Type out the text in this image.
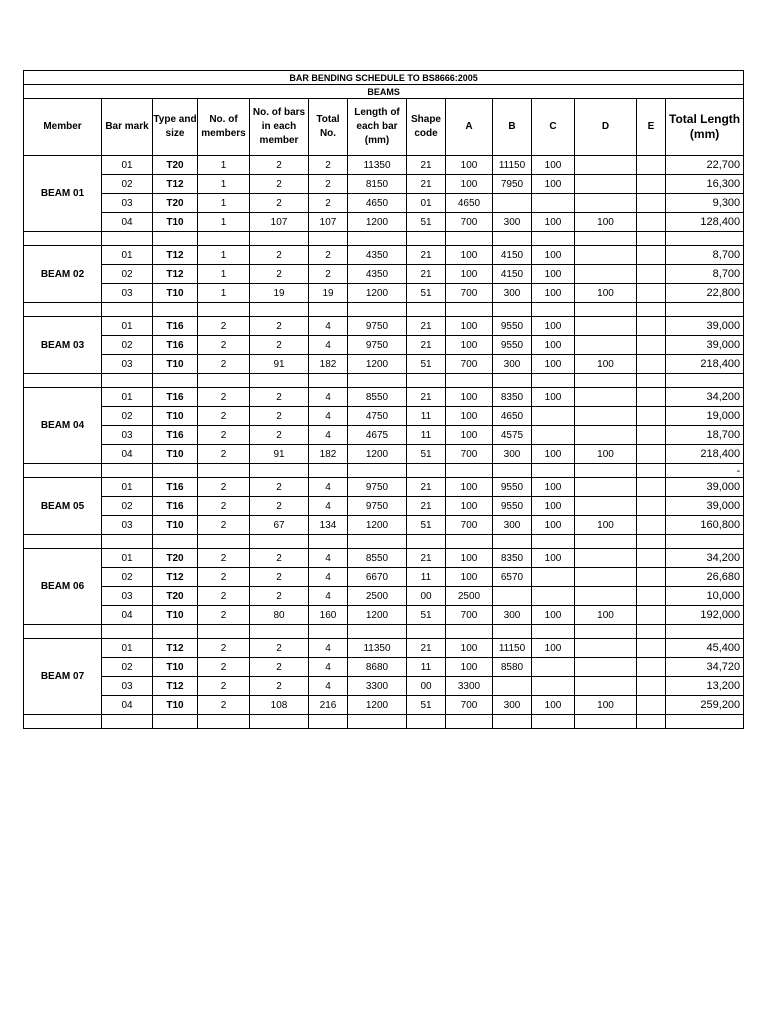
BAR BENDING SCHEDULE TO BS8666:2005													
BEAMS													
Member	Bar mark	Type and size	No. of members	No. of bars in each member	Total No.	Length of each bar (mm)	Shape code	A	B	C	D	E	Total Length (mm)
BEAM 01	01	T20	1	2	2	11350	21	100	11150	100			22,700
	02	T12	1	2	2	8150	21	100	7950	100			16,300
	03	T20	1	2	2	4650	01	4650					9,300
	04	T10	1	107	107	1200	51	700	300	100	100		128,400

BEAM 02	01	T12	1	2	2	4350	21	100	4150	100			8,700
	02	T12	1	2	2	4350	21	100	4150	100			8,700
	03	T10	1	19	19	1200	51	700	300	100	100		22,800

BEAM 03	01	T16	2	2	4	9750	21	100	9550	100			39,000
	02	T16	2	2	4	9750	21	100	9550	100			39,000
	03	T10	2	91	182	1200	51	700	300	100	100		218,400

BEAM 04	01	T16	2	2	4	8550	21	100	8350	100			34,200
	02	T10	2	2	4	4750	11	100	4650				19,000
	03	T16	2	2	4	4675	11	100	4575				18,700
	04	T10	2	91	182	1200	51	700	300	100	100		218,400
													-
BEAM 05	01	T16	2	2	4	9750	21	100	9550	100			39,000
	02	T16	2	2	4	9750	21	100	9550	100			39,000
	03	T10	2	67	134	1200	51	700	300	100	100		160,800

BEAM 06	01	T20	2	2	4	8550	21	100	8350	100			34,200
	02	T12	2	2	4	6670	11	100	6570				26,680
	03	T20	2	2	4	2500	00	2500					10,000
	04	T10	2	80	160	1200	51	700	300	100	100		192,000

BEAM 07	01	T12	2	2	4	11350	21	100	11150	100			45,400
	02	T10	2	2	4	8680	11	100	8580				34,720
	03	T12	2	2	4	3300	00	3300					13,200
	04	T10	2	108	216	1200	51	700	300	100	100		259,200
